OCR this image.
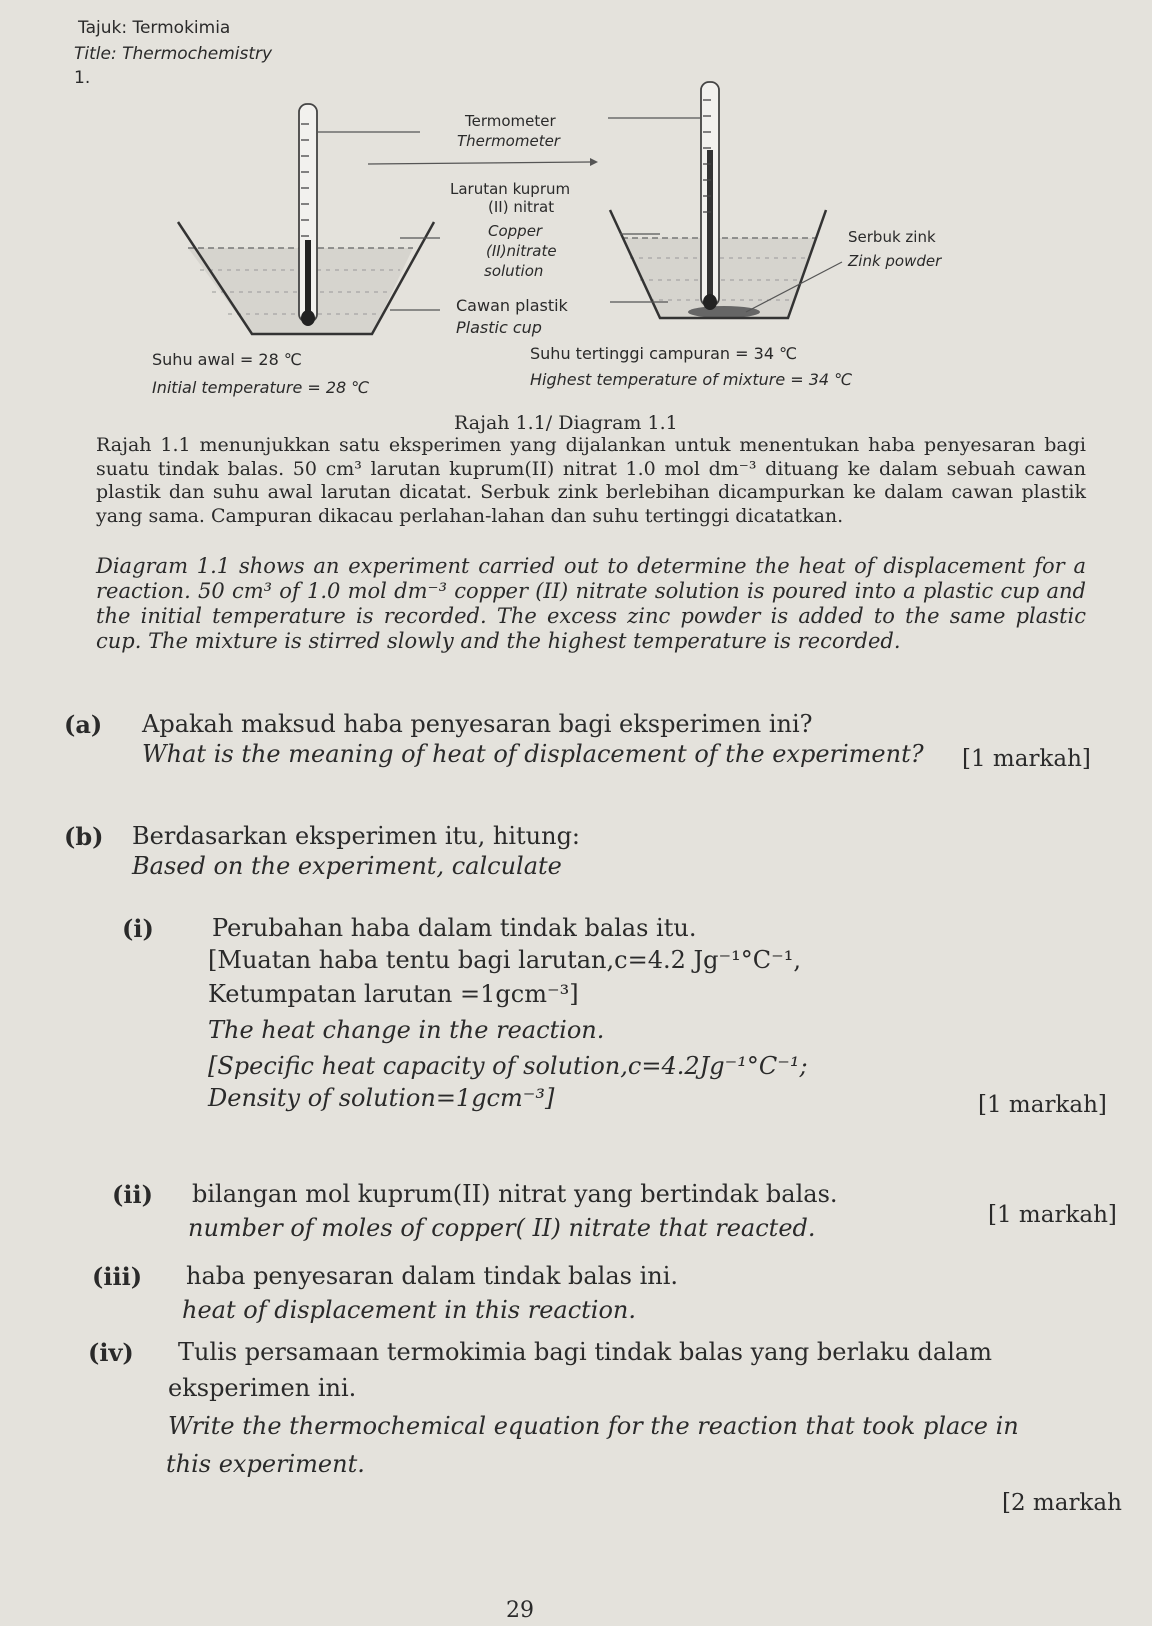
Tajuk: Termokimia
Title: Thermochemistry
1.
Termometer
Thermometer
Larutan kuprum
(II) nitrat
Copper
(II)nitrate
solution
Cawan plastik
Plastic cup
Serbuk zink
Zink powder
Suhu awal = 28 ℃
Initial temperature = 28 ℃
Suhu tertinggi campuran = 34 ℃
Highest temperature of mixture = 34 ℃
Rajah 1.1/ Diagram 1.1

Rajah 1.1 menunjukkan satu eksperimen yang dijalankan untuk menentukan haba penyesaran bagi suatu tindak balas. 50 cm³ larutan kuprum(II) nitrat 1.0 mol dm⁻³ dituang ke dalam sebuah cawan plastik dan suhu awal larutan dicatat. Serbuk zink berlebihan dicampurkan ke dalam cawan plastik yang sama. Campuran dikacau perlahan-lahan dan suhu tertinggi dicatatkan.

Diagram 1.1 shows an experiment carried out to determine the heat of displacement for a reaction. 50 cm³ of 1.0 mol dm⁻³ copper (II) nitrate solution is poured into a plastic cup and the initial temperature is recorded. The excess zinc powder is added to the same plastic cup. The mixture is stirred slowly and the highest temperature is recorded.

(a) Apakah maksud haba penyesaran bagi eksperimen ini?
What is the meaning of heat of displacement of the experiment? [1 markah]
(b) Berdasarkan eksperimen itu, hitung:
Based on the experiment, calculate
(i) Perubahan haba dalam tindak balas itu.
[Muatan haba tentu bagi larutan,c=4.2 Jg⁻¹°C⁻¹,
Ketumpatan larutan =1gcm⁻³]
The heat change in the reaction.
[Specific heat capacity of solution,c=4.2Jg⁻¹°C⁻¹;
Density of solution=1gcm⁻³]	[1 markah]
(ii) bilangan mol kuprum(II) nitrat yang bertindak balas.
number of moles of copper( II) nitrate that reacted.	[1 markah]
(iii) haba penyesaran dalam tindak balas ini.
heat of displacement in this reaction.
(iv) Tulis persamaan termokimia bagi tindak balas yang berlaku dalam
eksperimen ini.
Write the thermochemical equation for the reaction that took place in
this experiment.
[2 markah
29
